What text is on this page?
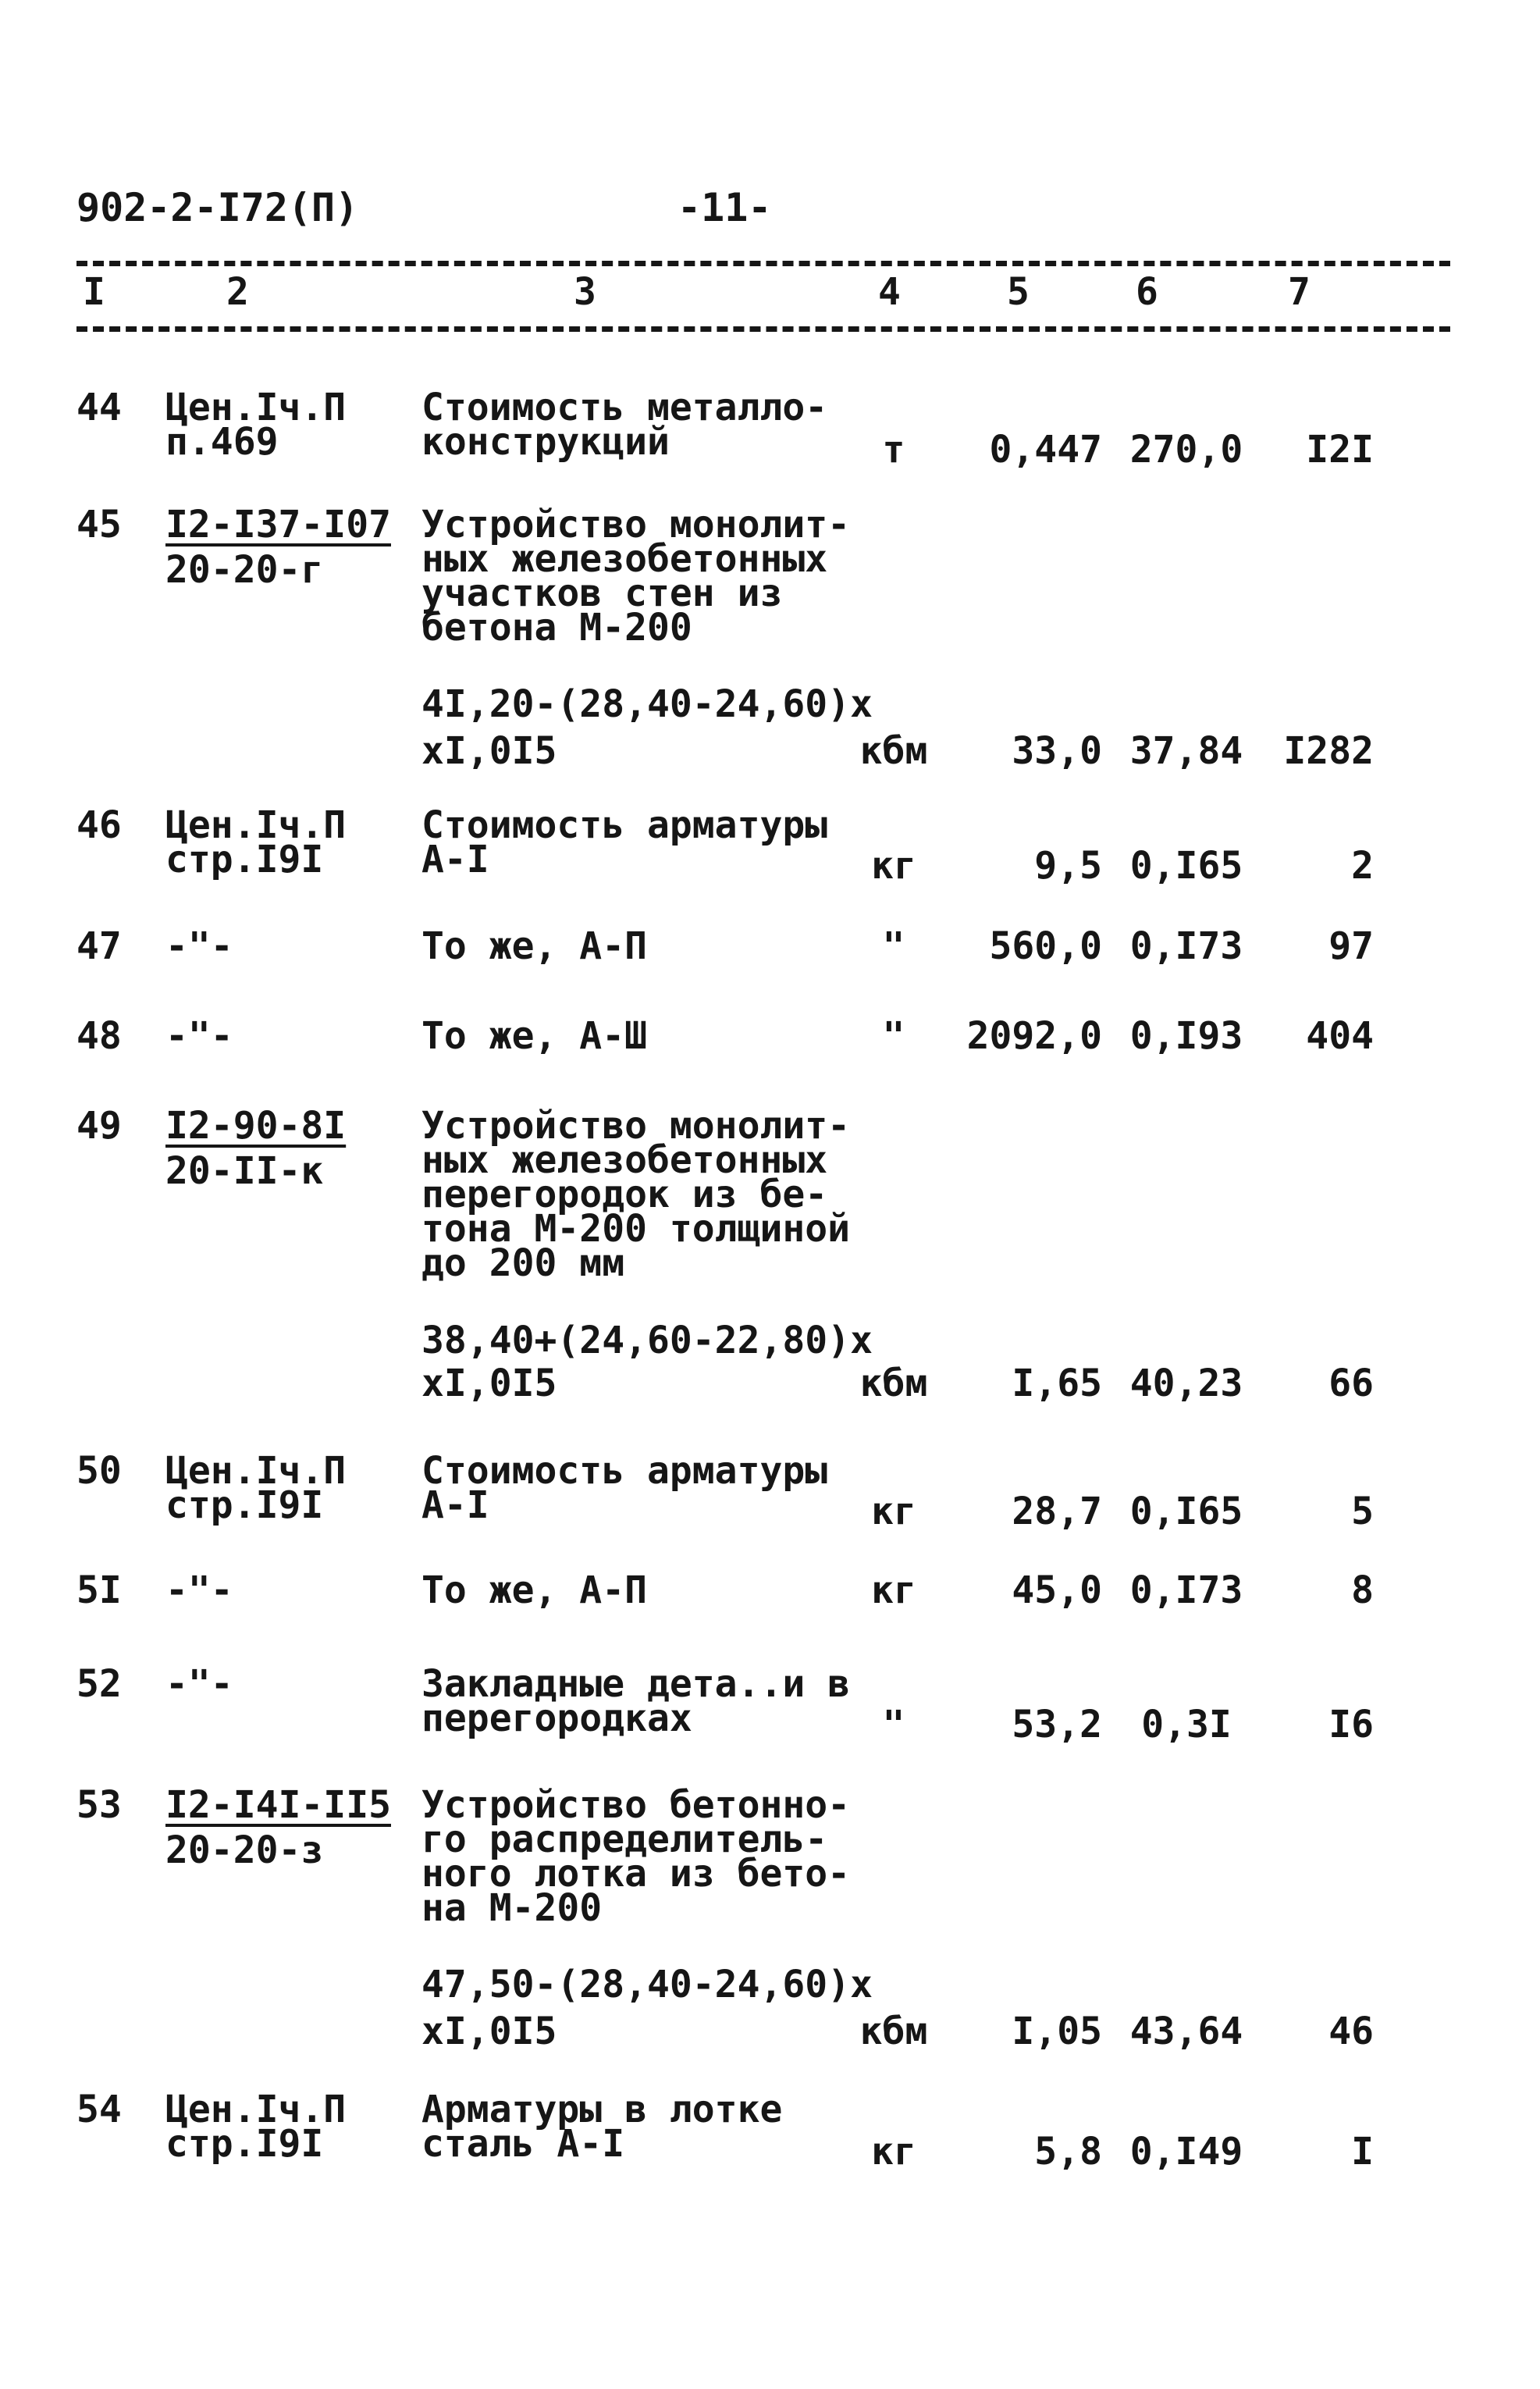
902-2-I72(П)	-11-
I	2	3	4	5	6	7
44 Цен.Iч.П
п.469
Стоимость металло-
конструкций	т	0,447 270,0	I2I
45 I2-I37-I07
20-20-г
Устройство монолит-
ных железобетонных
участков стен из
бетона М-200
4I,20-(28,40-24,60)x
xI,0I5	кбм	33,0 37,84	I282
46 Цен.Iч.П
стр.I9I
Стоимость арматуры
А-I	кг	9,5 0,I65	2
47 -"-	То же, А-П	"	560,0 0,I73	97
48 -"-	То же, А-Ш	"	2092,0 0,I93	404
49 I2-90-8I
20-II-к
Устройство монолит-
ных железобетонных
перегородок из бе-
тона М-200 толщиной
до 200 мм
38,40+(24,60-22,80)x
xI,0I5	кбм	I,65 40,23	66
50 Цен.Iч.П
стр.I9I
Стоимость арматуры
А-I	кг	28,7 0,I65	5
5I -"-	То же, А-П	кг	45,0 0,I73	8
52 -"-	Закладные дета..и в
перегородках	"	53,2	0,3I	I6
53 I2-I4I-II5
20-20-з
Устройство бетонно-
го распределитель-
ного лотка из бето-
на М-200
47,50-(28,40-24,60)x
xI,0I5	кбм	I,05 43,64	46
54 Цен.Iч.П
стр.I9I
Арматуры в лотке
сталь А-I	кг	5,8 0,I49	I
